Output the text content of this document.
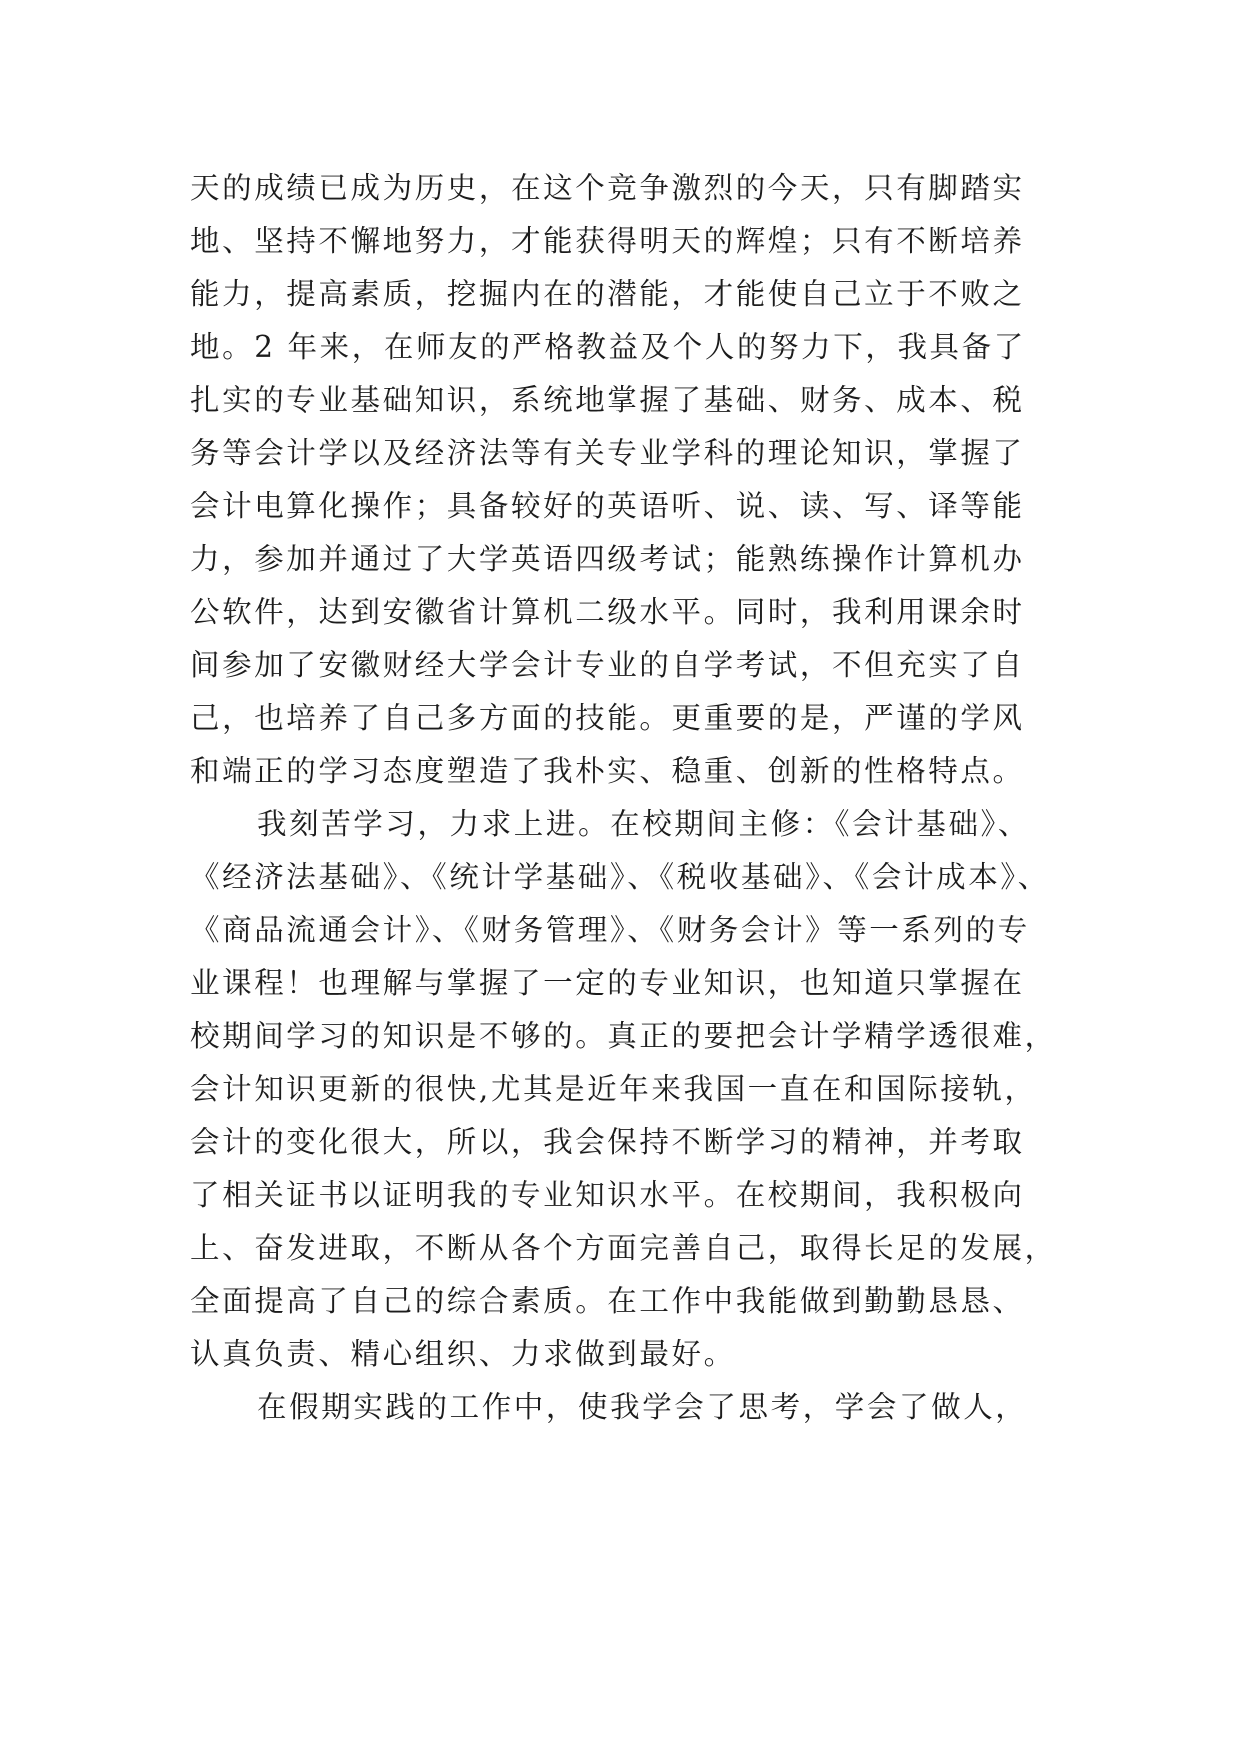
天的成绩已成为历史，在这个竞争激烈的今天，只有脚踏实
地、坚持不懈地努力，才能获得明天的辉煌；只有不断培养
能力，提高素质，挖掘内在的潜能，才能使自己立于不败之
地。2 年来，在师友的严格教益及个人的努力下，我具备了
扎实的专业基础知识，系统地掌握了基础、财务、成本、税
务等会计学以及经济法等有关专业学科的理论知识，掌握了
会计电算化操作；具备较好的英语听、说、读、写、译等能
力，参加并通过了大学英语四级考试；能熟练操作计算机办
公软件，达到安徽省计算机二级水平。同时，我利用课余时
间参加了安徽财经大学会计专业的自学考试，不但充实了自
己，也培养了自己多方面的技能。更重要的是，严谨的学风
和端正的学习态度塑造了我朴实、稳重、创新的性格特点。
我刻苦学习，力求上进。在校期间主修：《会计基础》、
《经济法基础》、《统计学基础》、《税收基础》、《会计成本》、
《商品流通会计》、《财务管理》、《财务会计》等一系列的专
业课程！也理解与掌握了一定的专业知识，也知道只掌握在
校期间学习的知识是不够的。真正的要把会计学精学透很难，
会计知识更新的很快,尤其是近年来我国一直在和国际接轨，
会计的变化很大，所以，我会保持不断学习的精神，并考取
了相关证书以证明我的专业知识水平。在校期间，我积极向
上、奋发进取，不断从各个方面完善自己，取得长足的发展，
全面提高了自己的综合素质。在工作中我能做到勤勤恳恳、
认真负责、精心组织、力求做到最好。
在假期实践的工作中，使我学会了思考，学会了做人，
